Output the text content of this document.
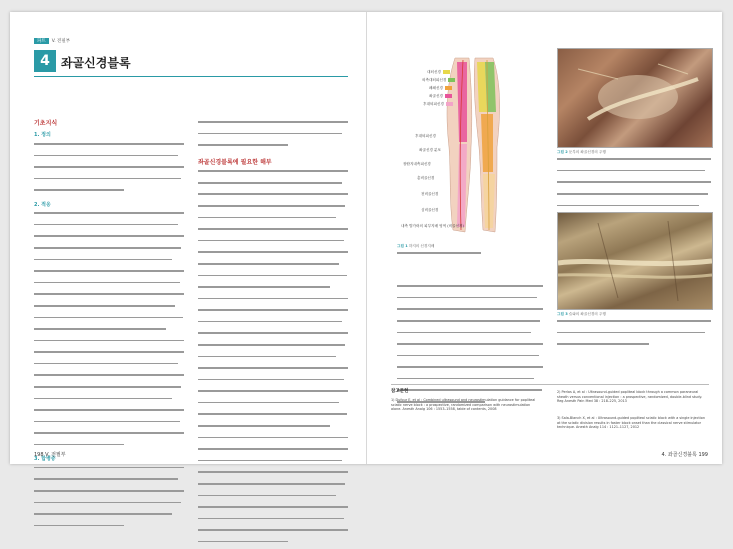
파트 V. 전필부
4 좌골신경블록
기초지식
1. 정의
2. 적응
3. 합병증
좌골신경블록에 필요한 해부
198 V. 전필부
대퇴신경
외측대퇴피신경
폐쇄신경
좌골신경
후대퇴피신경
후대퇴피신경
좌골신경 분포
장딴지내측피신경
총비골신경
천비골신경
심비골신경
내측 발가락의 피부지배 영역 (비골신경)
그림 1 하지의 신경지배
그림 2 둔부의 좌골신경의 주행
그림 3 슬와의 좌골신경의 주행
참고문헌
1) Dufour E, et al : Combined ultrasound and neurostimulation guidance for popliteal sciatic nerve block : a prospective, randomized comparison with neurostimulation alone. Anesth Analg 106 : 1553–1558, table of contents, 2008
2) Perlas A, et al : Ultrasound-guided popliteal block through a common paraneural sheath versus conventional injection : a prospective, randomized, double-blind study. Reg Anesth Pain Med 38 : 218–225, 2013
3) Sala-Blanch X, et al : Ultrasound-guided popliteal sciatic block with a single injection at the sciatic division results in faster block onset than the classical nerve stimulator technique. Anesth Analg 114 : 1121–1127, 2012
4. 좌골신경블록 199
